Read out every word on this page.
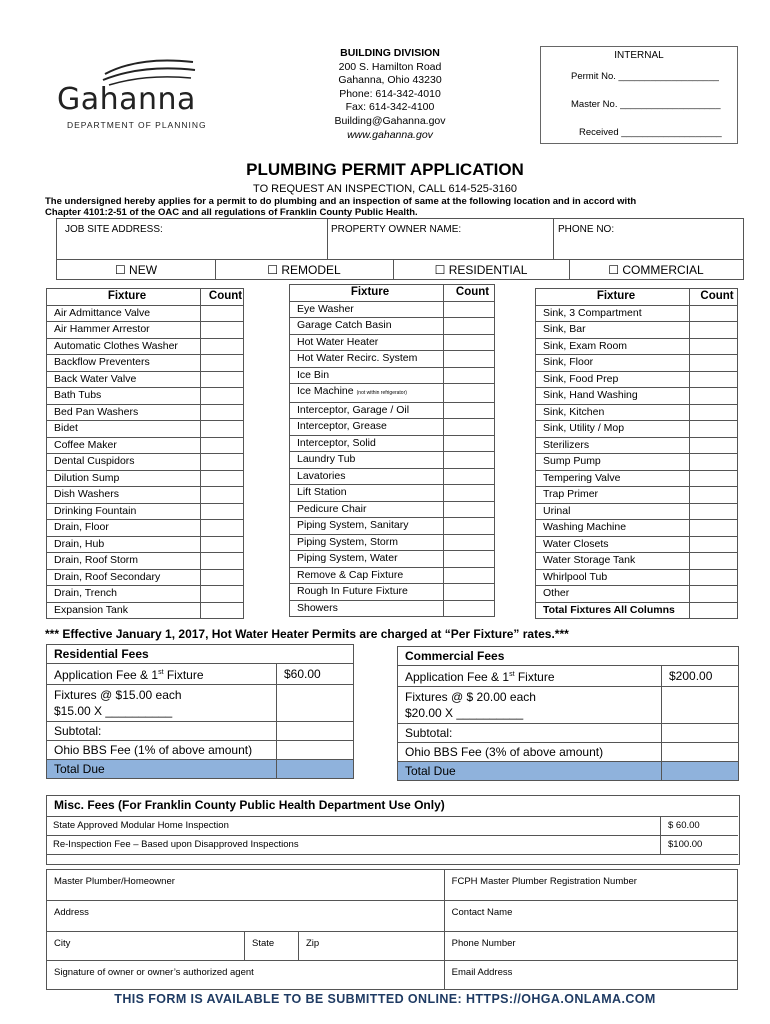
Gahanna
DEPARTMENT OF PLANNING
BUILDING DIVISION
200 S. Hamilton Road
Gahanna, Ohio 43230
Phone: 614-342-4010
Fax: 614-342-4100
Building@Gahanna.gov
www.gahanna.gov
INTERNAL
Permit No. ___________________
Master No. ___________________
Received ___________________
PLUMBING PERMIT APPLICATION
TO REQUEST AN INSPECTION, CALL 614-525-3160
The undersigned hereby applies for a permit to do plumbing and an inspection of same at the following location and in accord with
Chapter 4101:2-51 of the OAC and all regulations of Franklin County Public Health.
JOB SITE ADDRESS:	PROPERTY OWNER NAME:	PHONE NO:
☐ NEW	☐ REMODEL	☐ RESIDENTIAL	☐ COMMERCIAL
Fixture	Count
Air Admittance Valve	
Air Hammer Arrestor	
Automatic Clothes Washer	
Backflow Preventers	
Back Water Valve	
Bath Tubs	
Bed Pan Washers	
Bidet	
Coffee Maker	
Dental Cuspidors	
Dilution Sump	
Dish Washers	
Drinking Fountain	
Drain, Floor	
Drain, Hub	
Drain, Roof Storm	
Drain, Roof Secondary	
Drain, Trench	
Expansion Tank	
Fixture	Count
Eye Washer	
Garage Catch Basin	
Hot Water Heater	
Hot Water Recirc. System	
Ice Bin	
Ice Machine (not within refrigerator)	
Interceptor, Garage / Oil	
Interceptor, Grease	
Interceptor, Solid	
Laundry Tub	
Lavatories	
Lift Station	
Pedicure Chair	
Piping System, Sanitary	
Piping System, Storm	
Piping System, Water	
Remove & Cap Fixture	
Rough In Future Fixture	
Showers	
Fixture	Count
Sink, 3 Compartment	
Sink, Bar	
Sink, Exam Room	
Sink, Floor	
Sink, Food Prep	
Sink, Hand Washing	
Sink, Kitchen	
Sink, Utility / Mop	
Sterilizers	
Sump Pump	
Tempering Valve	
Trap Primer	
Urinal	
Washing Machine	
Water Closets	
Water Storage Tank	
Whirlpool Tub	
Other	
Total Fixtures All Columns	
*** Effective January 1, 2017, Hot Water Heater Permits are charged at “Per Fixture” rates.***
Residential Fees	
Application Fee & 1st Fixture	$60.00

Fixtures @ $15.00 each
$15.00 X __________	

Subtotal:	
Ohio BBS Fee (1% of above amount)	
Total Due	
Commercial Fees	
Application Fee & 1st Fixture	$200.00

Fixtures @ $ 20.00 each
$20.00 X __________	

Subtotal:	
Ohio BBS Fee (3% of above amount)	
Total Due	
Misc. Fees (For Franklin County Public Health Department Use Only)
State Approved Modular Home Inspection	$ 60.00
Re-Inspection Fee – Based upon Disapproved Inspections	$100.00
Master Plumber/Homeowner			FCPH Master Plumber Registration Number
Address			Contact Name
City	State	Zip	Phone Number
Signature of owner or owner’s authorized agent			Email Address
THIS FORM IS AVAILABLE TO BE SUBMITTED ONLINE: HTTPS://OHGA.ONLAMA.COM
